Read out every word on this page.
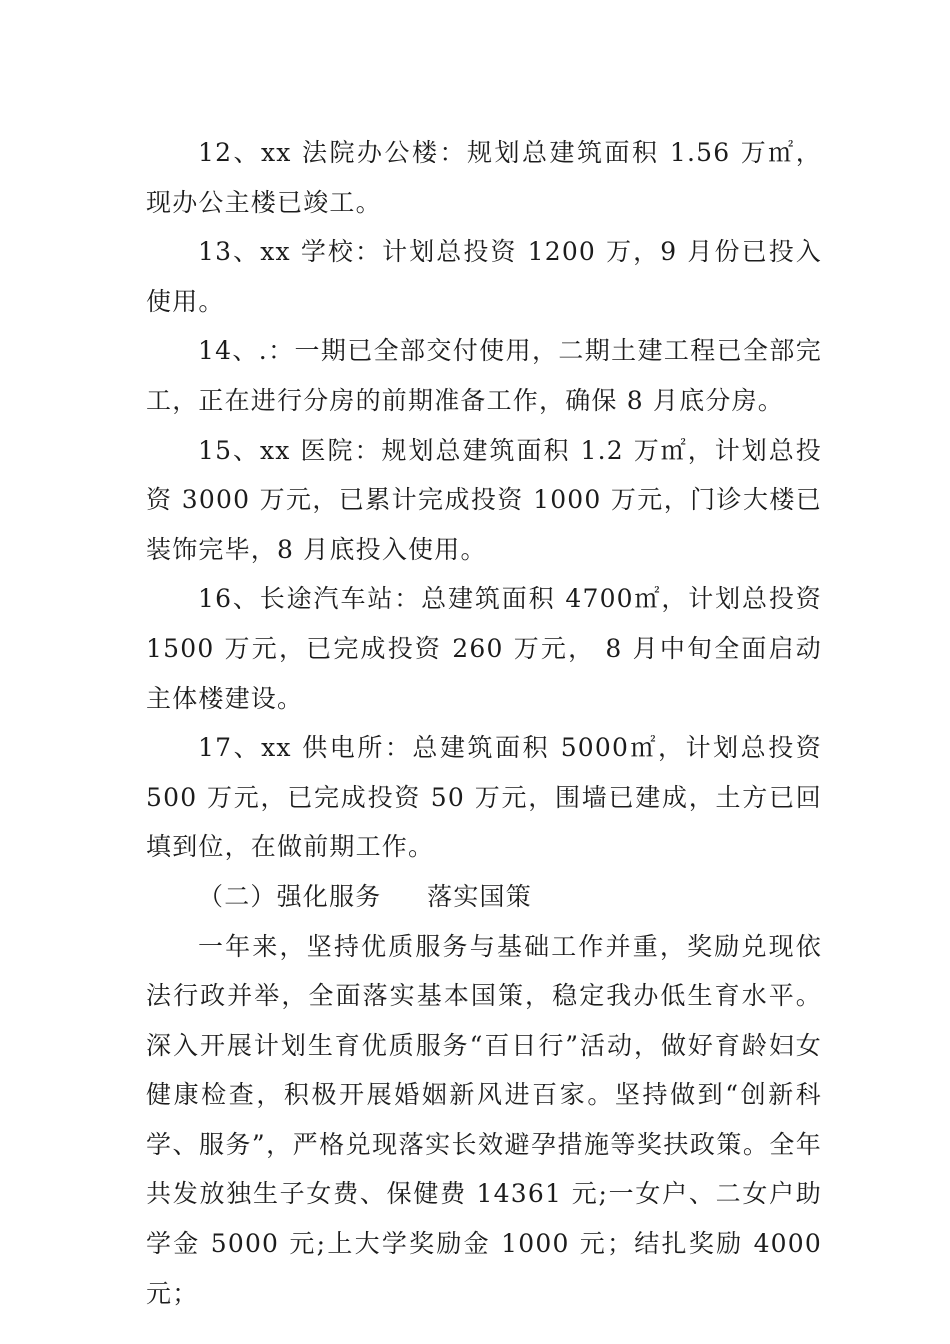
12、xx 法院办公楼：规划总建筑面积 1.56 万㎡，现办公主楼已竣工。

13、xx 学校：计划总投资 1200 万，9 月份已投入使用。

14、.：一期已全部交付使用，二期土建工程已全部完工，正在进行分房的前期准备工作，确保 8 月底分房。

15、xx 医院：规划总建筑面积 1.2 万㎡，计划总投资 3000 万元，已累计完成投资 1000 万元，门诊大楼已装饰完毕，8 月底投入使用。

16、长途汽车站：总建筑面积 4700㎡，计划总投资 1500 万元，已完成投资 260 万元， 8 月中旬全面启动主体楼建设。

17、xx 供电所：总建筑面积 5000㎡，计划总投资 500 万元，已完成投资 50 万元，围墙已建成，土方已回填到位，在做前期工作。

（二）强化服务     落实国策

一年来，坚持优质服务与基础工作并重，奖励兑现依法行政并举，全面落实基本国策，稳定我办低生育水平。深入开展计划生育优质服务“百日行”活动，做好育龄妇女健康检查，积极开展婚姻新风进百家。坚持做到“创新科学、服务”，严格兑现落实长效避孕措施等奖扶政策。全年共发放独生子女费、保健费 14361 元;一女户、二女户助学金 5000 元;上大学奖励金 1000 元；结扎奖励 4000 元；
